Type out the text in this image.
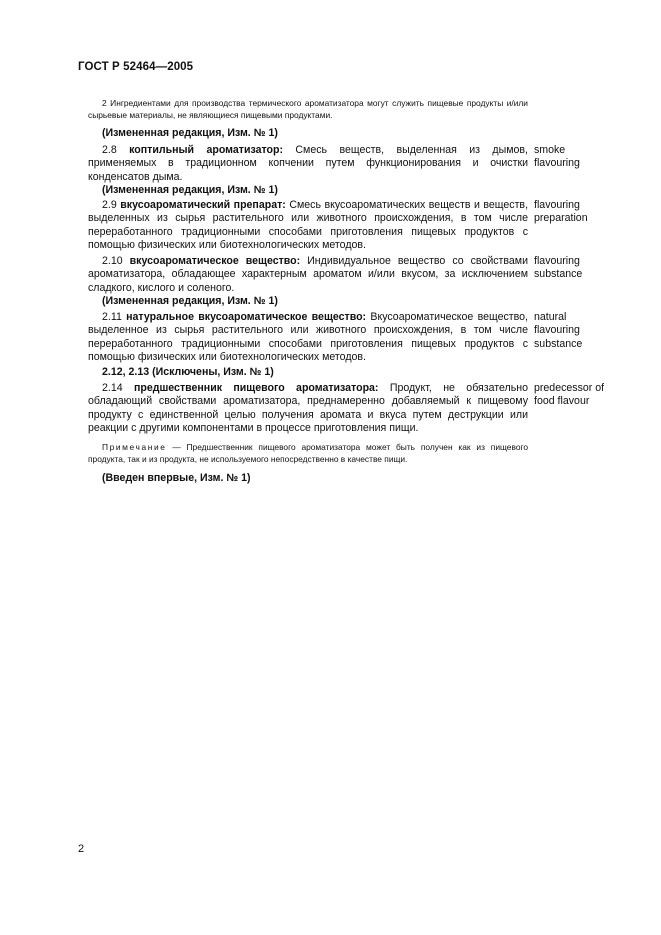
ГОСТ Р 52464—2005

2 Ингредиентами для производства термического ароматизатора могут служить пищевые продукты и/или сырьевые материалы, не являющиеся пищевыми продуктами.

(Измененная редакция, Изм. № 1)

2.8 коптильный ароматизатор: Смесь веществ, выделенная из дымов, применяемых в традиционном копчении путем функционирования и очистки конденсатов дыма.

smoke
flavouring

(Измененная редакция, Изм. № 1)

2.9 вкусоароматический препарат: Смесь вкусоароматических веществ и веществ, выделенных из сырья растительного или животного происхождения, в том числе переработанного традиционными способами приготовления пищевых продуктов с помощью физических или биотехнологических методов.

flavouring
preparation

2.10 вкусоароматическое вещество: Индивидуальное вещество со свойствами ароматизатора, обладающее характерным ароматом и/или вкусом, за исключением сладкого, кислого и соленого.

flavouring
substance

(Измененная редакция, Изм. № 1)

2.11 натуральное вкусоароматическое вещество: Вкусоароматическое вещество, выделенное из сырья растительного или животного происхождения, в том числе переработанного традиционными способами приготовления пищевых продуктов с помощью физических или биотехнологических методов.

natural
flavouring
substance

2.12, 2.13 (Исключены, Изм. № 1)

2.14 предшественник пищевого ароматизатора: Продукт, не обязательно обладающий свойствами ароматизатора, преднамеренно добавляемый к пищевому продукту с единственной целью получения аромата и вкуса путем деструкции или реакции с другими компонентами в процессе приготовления пищи.

predecessor of
food flavour

Примечание — Предшественник пищевого ароматизатора может быть получен как из пищевого продукта, так и из продукта, не используемого непосредственно в качестве пищи.

(Введен впервые, Изм. № 1)

2
